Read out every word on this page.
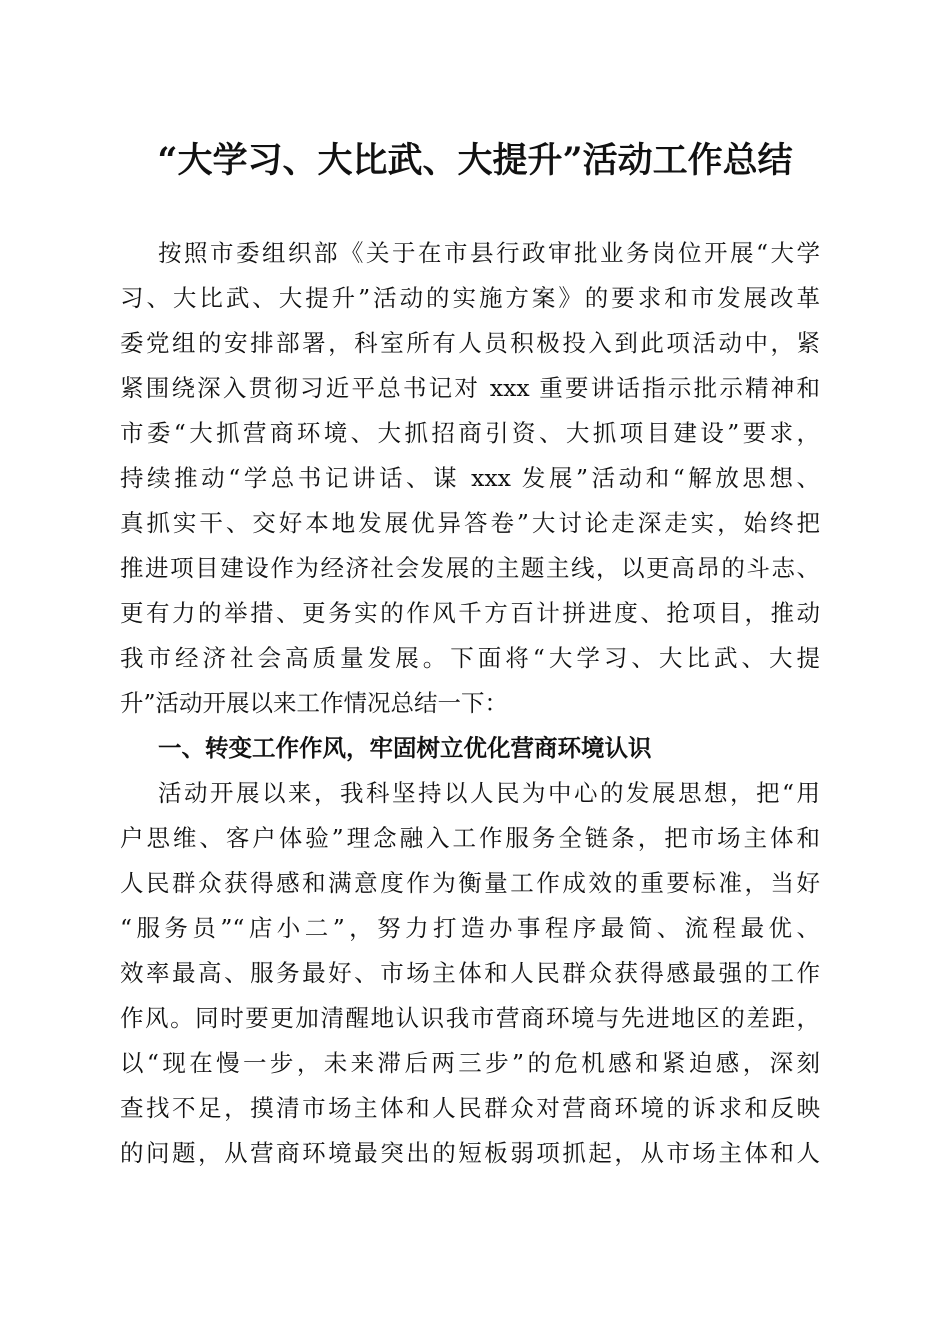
“大学习、大比武、大提升”活动工作总结
按照市委组织部《关于在市县行政审批业务岗位开展“大学
习、大比武、大提升”活动的实施方案》的要求和市发展改革
委党组的安排部署，科室所有人员积极投入到此项活动中，紧
紧围绕深入贯彻习近平总书记对 xxx 重要讲话指示批示精神和
市委“大抓营商环境、大抓招商引资、大抓项目建设”要求，
持续推动“学总书记讲话、谋 xxx 发展”活动和“解放思想、
真抓实干、交好本地发展优异答卷”大讨论走深走实，始终把
推进项目建设作为经济社会发展的主题主线，以更高昂的斗志、
更有力的举措、更务实的作风千方百计拼进度、抢项目，推动
我市经济社会高质量发展。下面将“大学习、大比武、大提
升”活动开展以来工作情况总结一下：
一、转变工作作风，牢固树立优化营商环境认识
活动开展以来，我科坚持以人民为中心的发展思想，把“用
户思维、客户体验”理念融入工作服务全链条，把市场主体和
人民群众获得感和满意度作为衡量工作成效的重要标准，当好
“服务员”“店小二”，努力打造办事程序最简、流程最优、
效率最高、服务最好、市场主体和人民群众获得感最强的工作
作风。同时要更加清醒地认识我市营商环境与先进地区的差距，
以“现在慢一步，未来滞后两三步”的危机感和紧迫感，深刻
查找不足，摸清市场主体和人民群众对营商环境的诉求和反映
的问题，从营商环境最突出的短板弱项抓起，从市场主体和人
